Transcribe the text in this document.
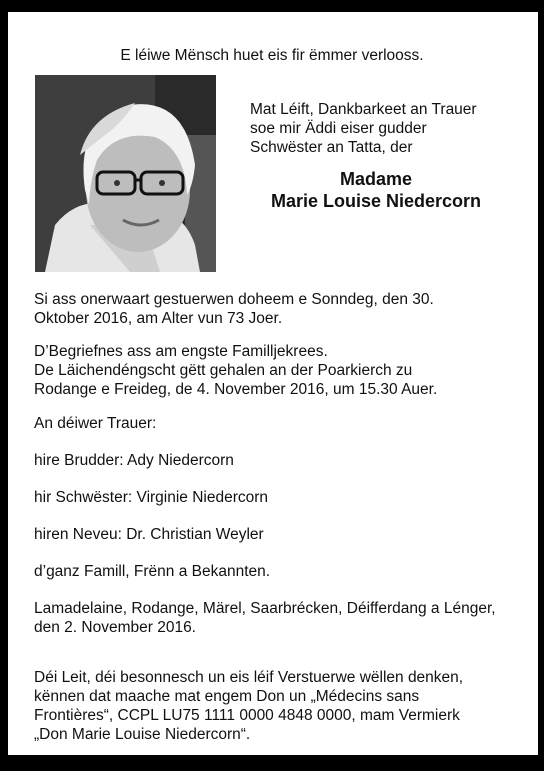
E léiwe Mënsch huet eis fir ëmmer verlooss.
Mat Léift, Dankbarkeet an Trauer
soe mir Äddi eiser gudder
Schwëster an Tatta, der
Madame
Marie Louise Niedercorn
Si ass onerwaart gestuerwen doheem e Sonndeg, den 30.
Oktober 2016, am Alter vun 73 Joer.
D’Begriefnes ass am engste Familljekrees.
De Läichendéngscht gëtt gehalen an der Poarkierch zu
Rodange e Freideg, de 4. November 2016, um 15.30 Auer.
An déiwer Trauer:
hire Brudder: Ady Niedercorn
hir Schwëster: Virginie Niedercorn
hiren Neveu: Dr. Christian Weyler
d’ganz Famill, Frënn a Bekannten.
Lamadelaine, Rodange, Märel, Saarbrécken, Déifferdang a Lénger,
den 2. November 2016.
Déi Leit, déi besonnesch un eis léif Verstuerwe wëllen denken,
kënnen dat maache mat engem Don un „Médecins sans
Frontières“, CCPL LU75 1111 0000 4848 0000, mam Vermierk
„Don Marie Louise Niedercorn“.
